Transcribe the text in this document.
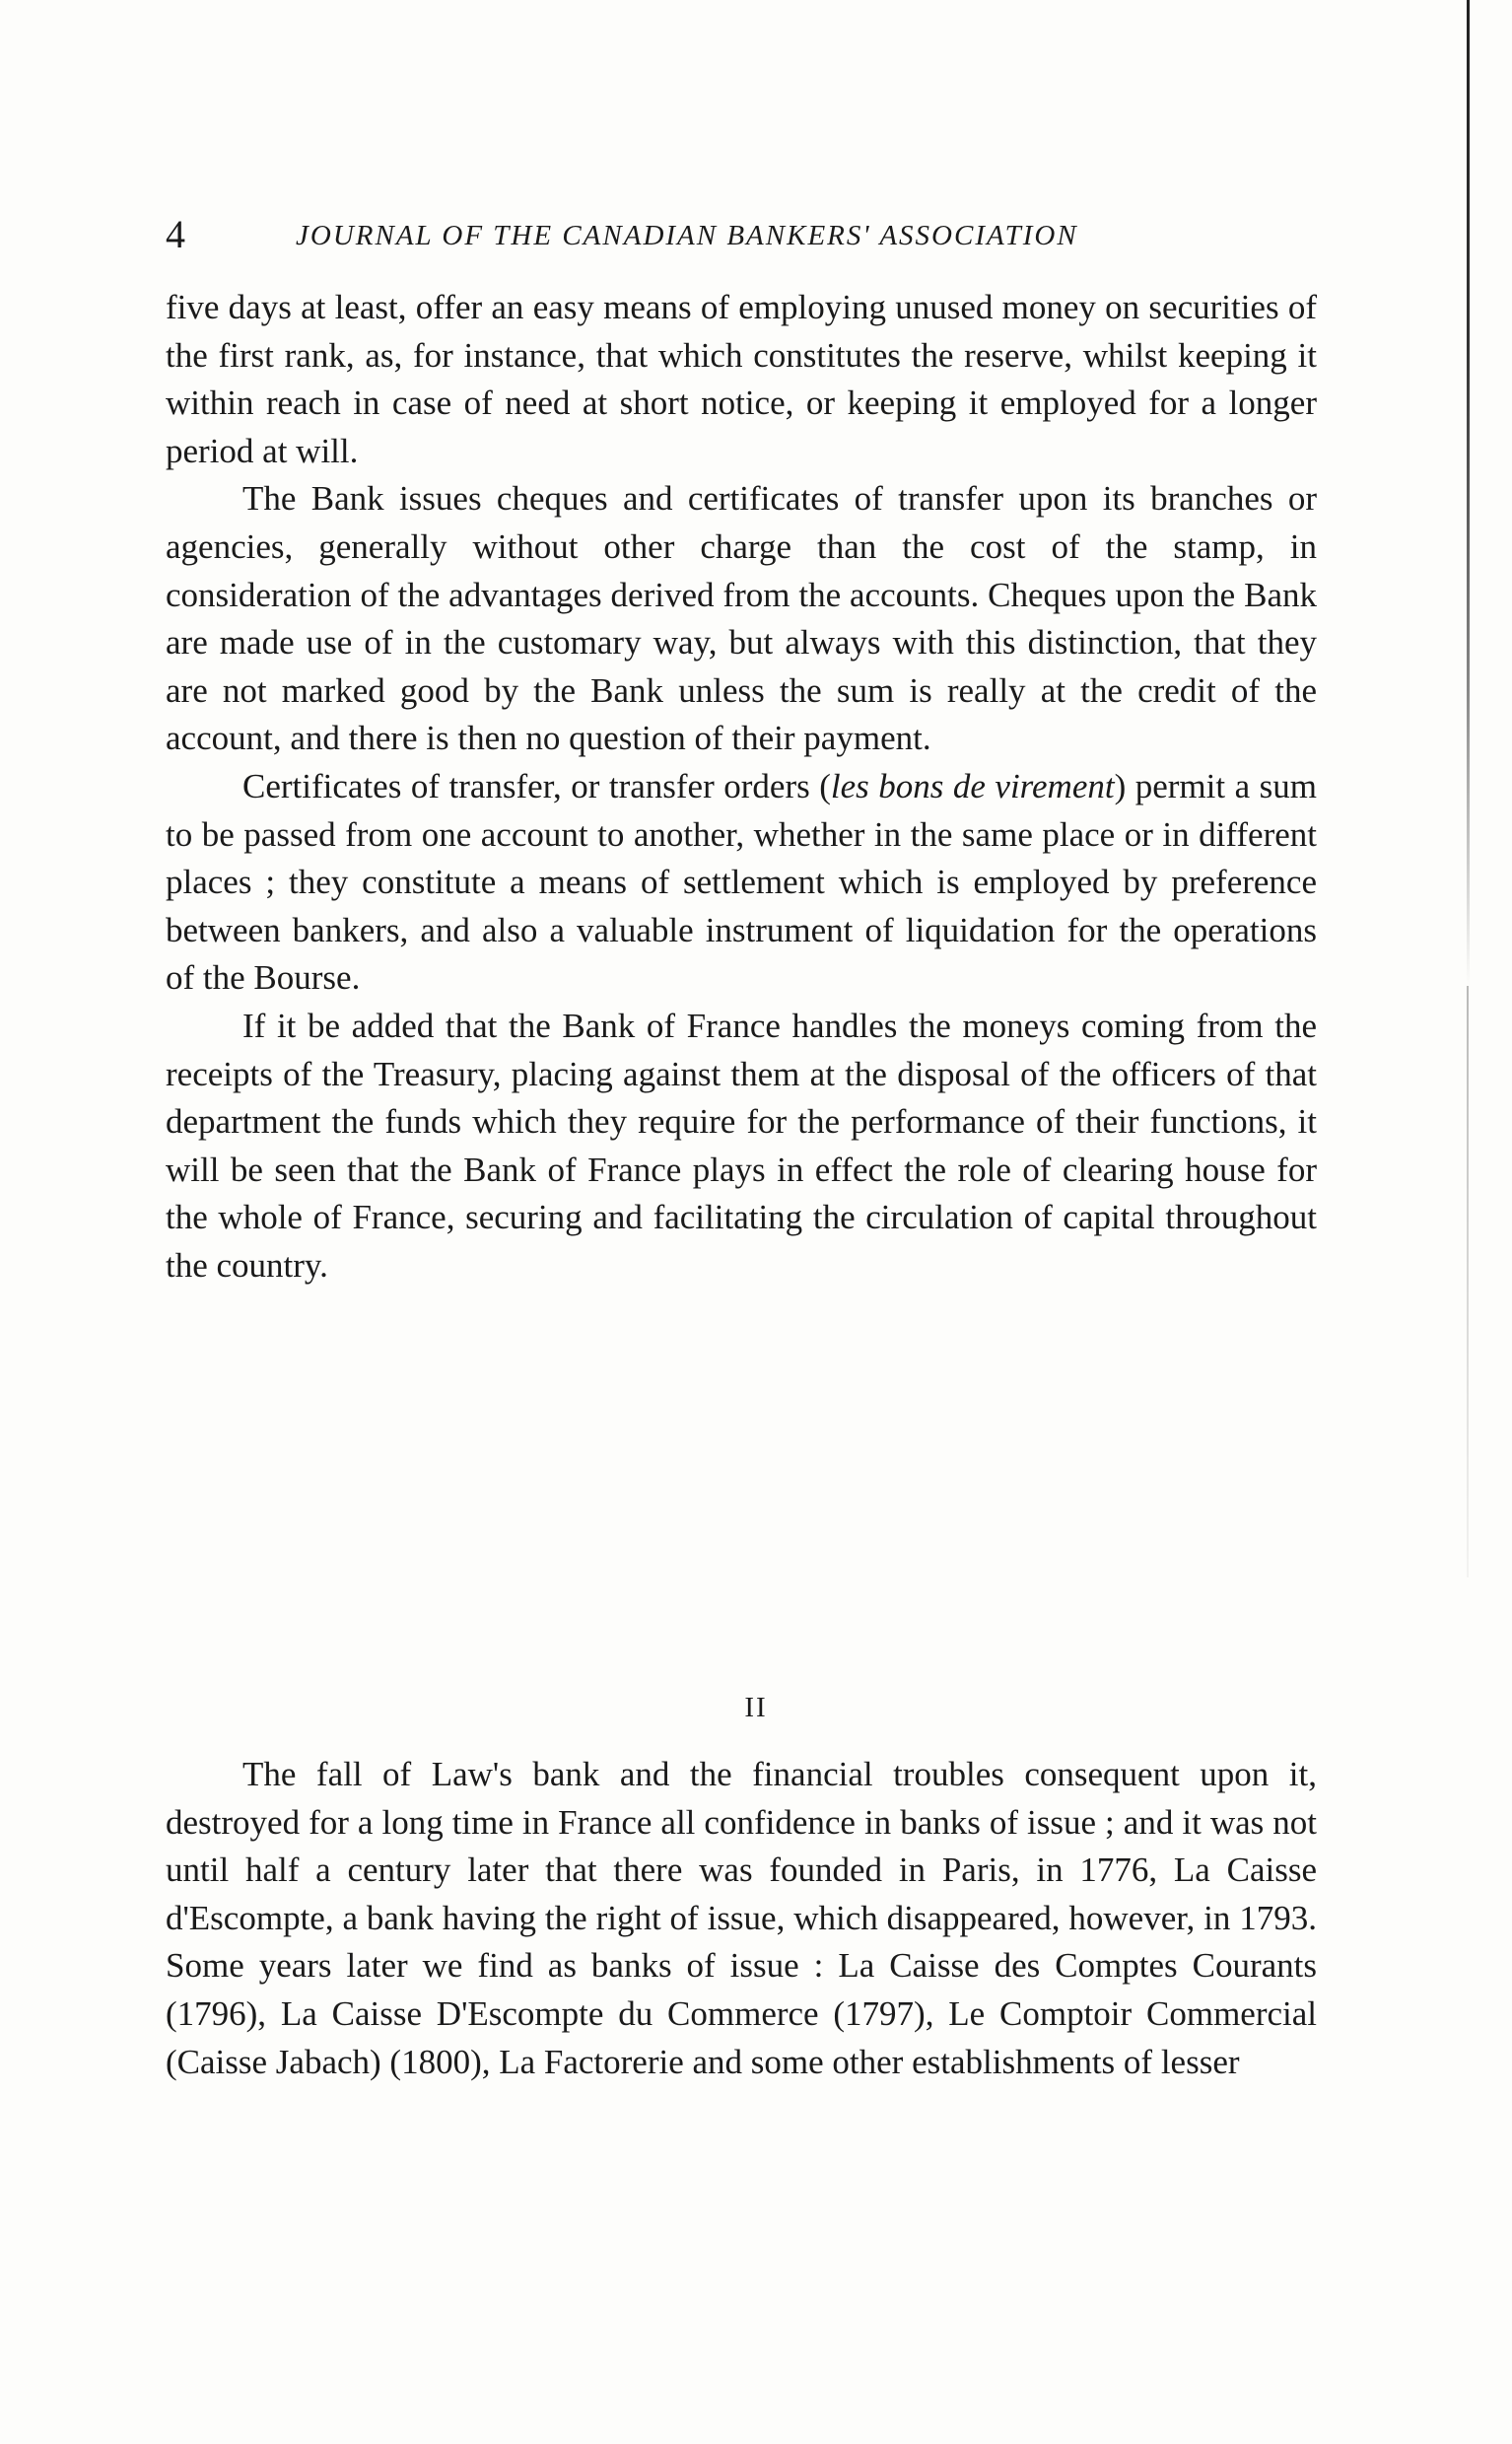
4	JOURNAL OF THE CANADIAN BANKERS' ASSOCIATION

five days at least, offer an easy means of employing unused money on securities of the first rank, as, for instance, that which constitutes the reserve, whilst keeping it within reach in case of need at short notice, or keeping it employed for a longer period at will.

The Bank issues cheques and certificates of transfer upon its branches or agencies, generally without other charge than the cost of the stamp, in consideration of the advantages derived from the accounts. Cheques upon the Bank are made use of in the customary way, but always with this distinction, that they are not marked good by the Bank unless the sum is really at the credit of the account, and there is then no question of their payment.

Certificates of transfer, or transfer orders (les bons de virement) permit a sum to be passed from one account to another, whether in the same place or in different places ; they constitute a means of settlement which is employed by preference between bankers, and also a valuable instrument of liquidation for the operations of the Bourse.

If it be added that the Bank of France handles the moneys coming from the receipts of the Treasury, placing against them at the disposal of the officers of that department the funds which they require for the performance of their functions, it will be seen that the Bank of France plays in effect the role of clearing house for the whole of France, securing and facilitating the circulation of capital throughout the country.

II

The fall of Law's bank and the financial troubles consequent upon it, destroyed for a long time in France all confidence in banks of issue ; and it was not until half a century later that there was founded in Paris, in 1776, La Caisse d'Escompte, a bank having the right of issue, which disappeared, however, in 1793. Some years later we find as banks of issue : La Caisse des Comptes Courants (1796), La Caisse D'Escompte du Commerce (1797), Le Comptoir Commercial (Caisse Jabach) (1800), La Factorerie and some other establishments of lesser
